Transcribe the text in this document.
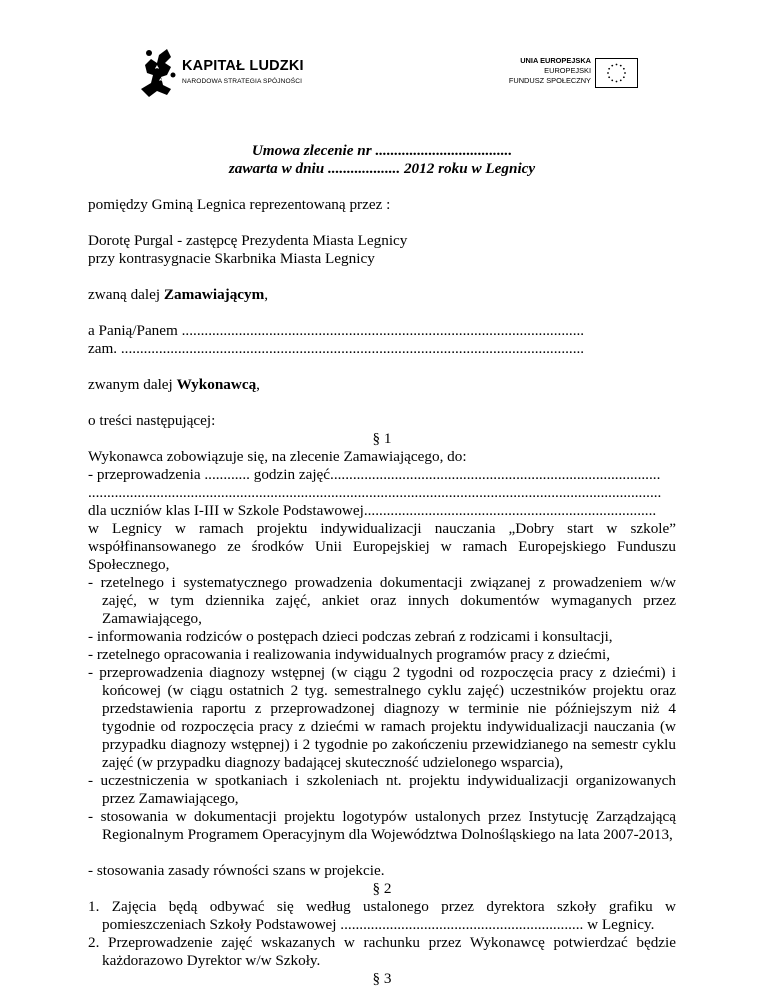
KAPITAŁ LUDZKI
NARODOWA STRATEGIA SPÓJNOŚCI
UNIA EUROPEJSKA
EUROPEJSKI
FUNDUSZ SPOŁECZNY
Umowa zlecenie nr ....................................
zawarta w dniu ................... 2012 roku w Legnicy
pomiędzy Gminą Legnica reprezentowaną przez :
Dorotę Purgal - zastępcę Prezydenta Miasta Legnicy
przy kontrasygnacie Skarbnika Miasta Legnicy
zwaną dalej Zamawiającym,
a Panią/Panem ..........................................................................................................
zam. ..........................................................................................................................
zwanym dalej Wykonawcą,
o treści następującej:
§ 1
Wykonawca zobowiązuje się, na zlecenie Zamawiającego, do:
- przeprowadzenia ............ godzin zajęć.......................................................................................
.......................................................................................................................................................
dla uczniów klas I-III w Szkole Podstawowej.............................................................................
w Legnicy w ramach projektu indywidualizacji nauczania „Dobry start w szkole” współfinansowanego ze środków Unii Europejskiej w ramach Europejskiego Funduszu Społecznego,
- rzetelnego i systematycznego prowadzenia dokumentacji związanej z prowadzeniem w/w zajęć, w tym dziennika zajęć, ankiet oraz innych dokumentów wymaganych przez Zamawiającego,
- informowania rodziców o postępach dzieci podczas zebrań z rodzicami i konsultacji,
- rzetelnego opracowania i realizowania indywidualnych programów pracy z dziećmi,
- przeprowadzenia diagnozy wstępnej (w ciągu 2 tygodni od rozpoczęcia pracy z dziećmi) i końcowej (w ciągu ostatnich 2 tyg. semestralnego cyklu zajęć) uczestników projektu oraz przedstawienia raportu z przeprowadzonej diagnozy w terminie nie późniejszym niż 4 tygodnie od rozpoczęcia pracy z dziećmi w ramach projektu indywidualizacji nauczania (w przypadku diagnozy wstępnej) i 2 tygodnie po zakończeniu przewidzianego na semestr cyklu zajęć (w przypadku diagnozy badającej skuteczność udzielonego wsparcia),
- uczestniczenia w spotkaniach i szkoleniach nt. projektu indywidualizacji organizowanych przez Zamawiającego,
- stosowania w dokumentacji projektu logotypów ustalonych przez Instytucję Zarządzającą Regionalnym Programem Operacyjnym dla Województwa Dolnośląskiego na lata 2007-2013,
- stosowania zasady równości szans w projekcie.
§ 2
1. Zajęcia będą odbywać się według ustalonego przez dyrektora szkoły grafiku w pomieszczeniach Szkoły Podstawowej ................................................................ w Legnicy.
2. Przeprowadzenie zajęć wskazanych w rachunku przez Wykonawcę potwierdzać będzie każdorazowo Dyrektor w/w Szkoły.
§ 3
